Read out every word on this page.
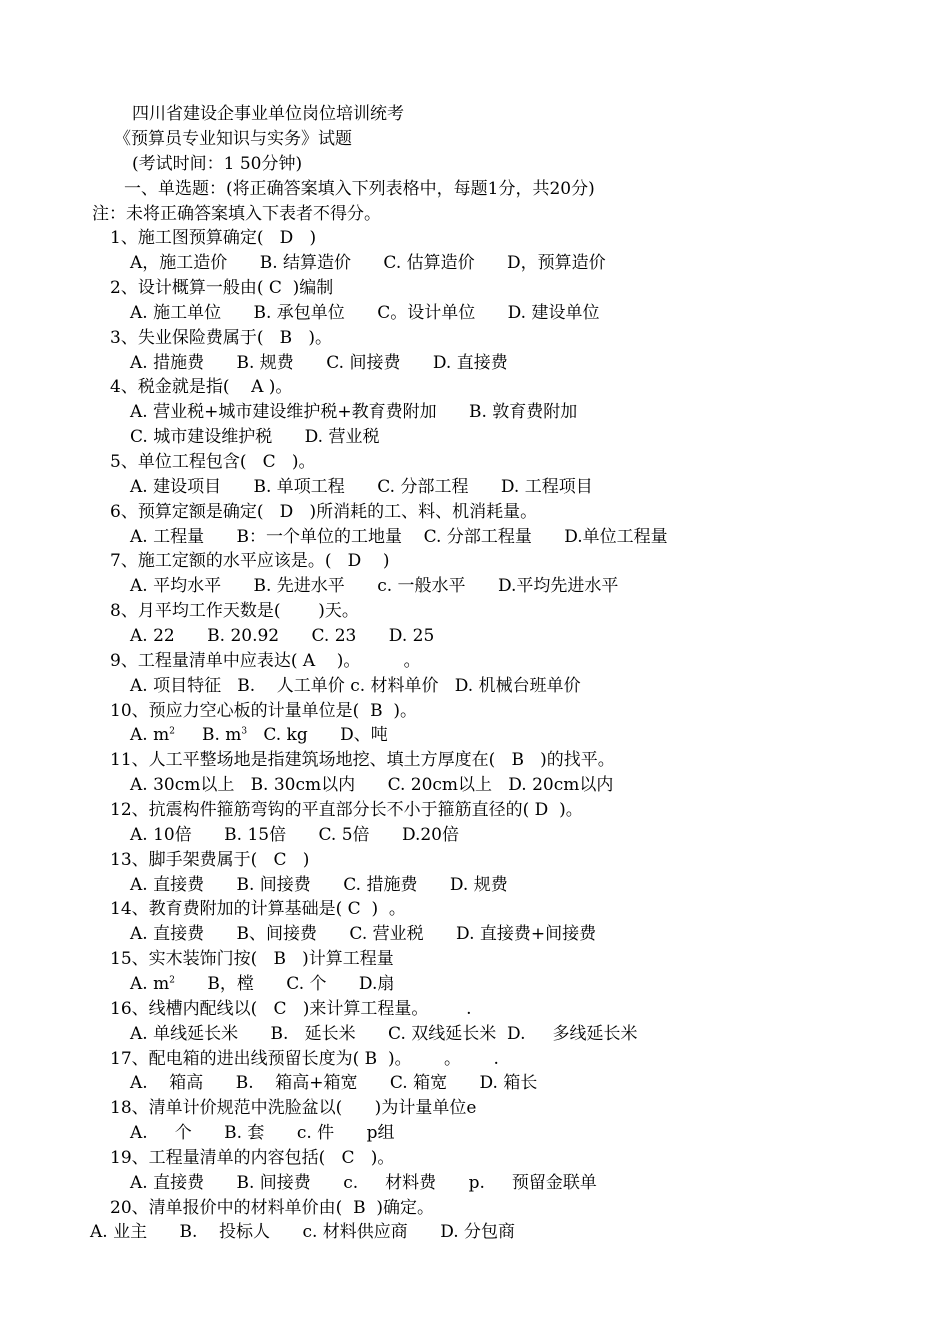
四川省建设企事业单位岗位培训统考
《预算员专业知识与实务》试题
(考试时间：1 50分钟)
一、单选题：(将正确答案填入下列表格中，每题1分，共20分)
注：未将正确答案填入下表者不得分。
1、施工图预算确定(   D   )
A，施工造价      B. 结算造价      C. 估算造价      D，预算造价
2、设计概算一般由( C  )编制
A. 施工单位      B. 承包单位      C。设计单位      D. 建设单位
3、失业保险费属于(   B   )。
A. 措施费      B. 规费      C. 间接费      D. 直接费
4、税金就是指(    A )。
A. 营业税+城市建设维护税+教育费附加      B. 敦育费附加
C. 城市建设维护税      D. 营业税
5、单位工程包含(   C   )。
A. 建设项目      B. 单项工程      C. 分部工程      D. 工程项目
6、预算定额是确定(   D   )所消耗的工、料、机消耗量。
A. 工程量      B：一个单位的工地量    C. 分部工程量      D.单位工程量
7、施工定额的水平应该是。(   D    )
A. 平均水平      B. 先进水平      c. 一般水平      D.平均先进水平
8、月平均工作天数是(       )天。
A. 22      B. 20.92      C. 23      D. 25
9、工程量清单中应表达( A    )。        。
A. 项目特征   B.    人工单价 c. 材料单价   D. 机械台班单价
10、预应力空心板的计量单位是(  B  )。
A. $m^2$     B. $m^3$   C. kg      D、吨
11、人工平整场地是指建筑场地挖、填土方厚度在(   B   )的找平。
A. 30cm以上   B. 30cm以内      C. 20cm以上   D. 20cm以内
12、抗震构件箍筋弯钩的平直部分长不小于箍筋直径的( D  )。
A. 10倍      B. 15倍      C. 5倍      D.20倍
13、脚手架费属于(   C   )
A. 直接费      B. 间接费      C. 措施费      D. 规费
14、教育费附加的计算基础是( C  )  。
A. 直接费      B、间接费      C. 营业税      D. 直接费+间接费
15、实木装饰门按(   B   )计算工程量
A. $m^2$      B，樘      C. 个      D.扇
16、线槽内配线以(   C   )来计算工程量。       .
A. 单线延长米      B.   延长米      C. 双线延长米  D.     多线延长米
17、配电箱的进出线预留长度为( B  )。      。      .
A.    箱高      B.    箱高+箱宽      C. 箱宽      D. 箱长
18、清单计价规范中洗脸盆以(      )为计量单位e
A.     个      B. 套      c. 件      p组
19、工程量清单的内容包括(   C   )。
A. 直接费      B. 间接费      c.     材料费      p.     预留金联单
20、清单报价中的材料单价由(  B  )确定。
A. 业主      B.    投标人      c. 材料供应商      D. 分包商
